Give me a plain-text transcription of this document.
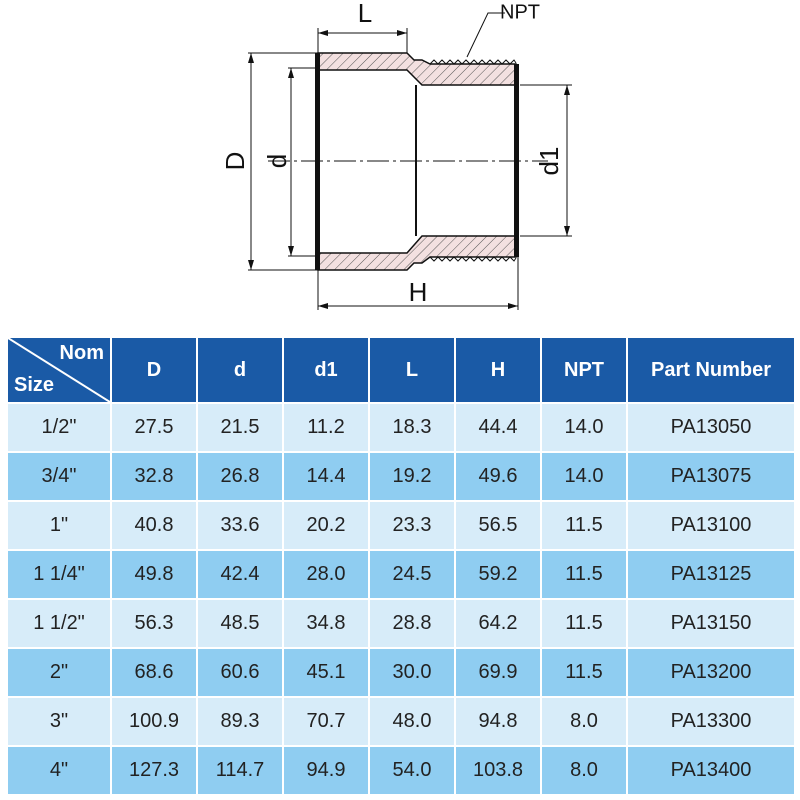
D d	d1
L
H
NPT
Nom
Size	D	d	d1	L	H	NPT	Part Number
1/2"	27.5	21.5	11.2	18.3	44.4	14.0	PA13050
3/4"	32.8	26.8	14.4	19.2	49.6	14.0	PA13075
1"	40.8	33.6	20.2	23.3	56.5	11.5	PA13100
1 1/4"	49.8	42.4	28.0	24.5	59.2	11.5	PA13125
1 1/2"	56.3	48.5	34.8	28.8	64.2	11.5	PA13150
2"	68.6	60.6	45.1	30.0	69.9	11.5	PA13200
3"	100.9	89.3	70.7	48.0	94.8	8.0	PA13300
4"	127.3	114.7	94.9	54.0	103.8	8.0	PA13400
